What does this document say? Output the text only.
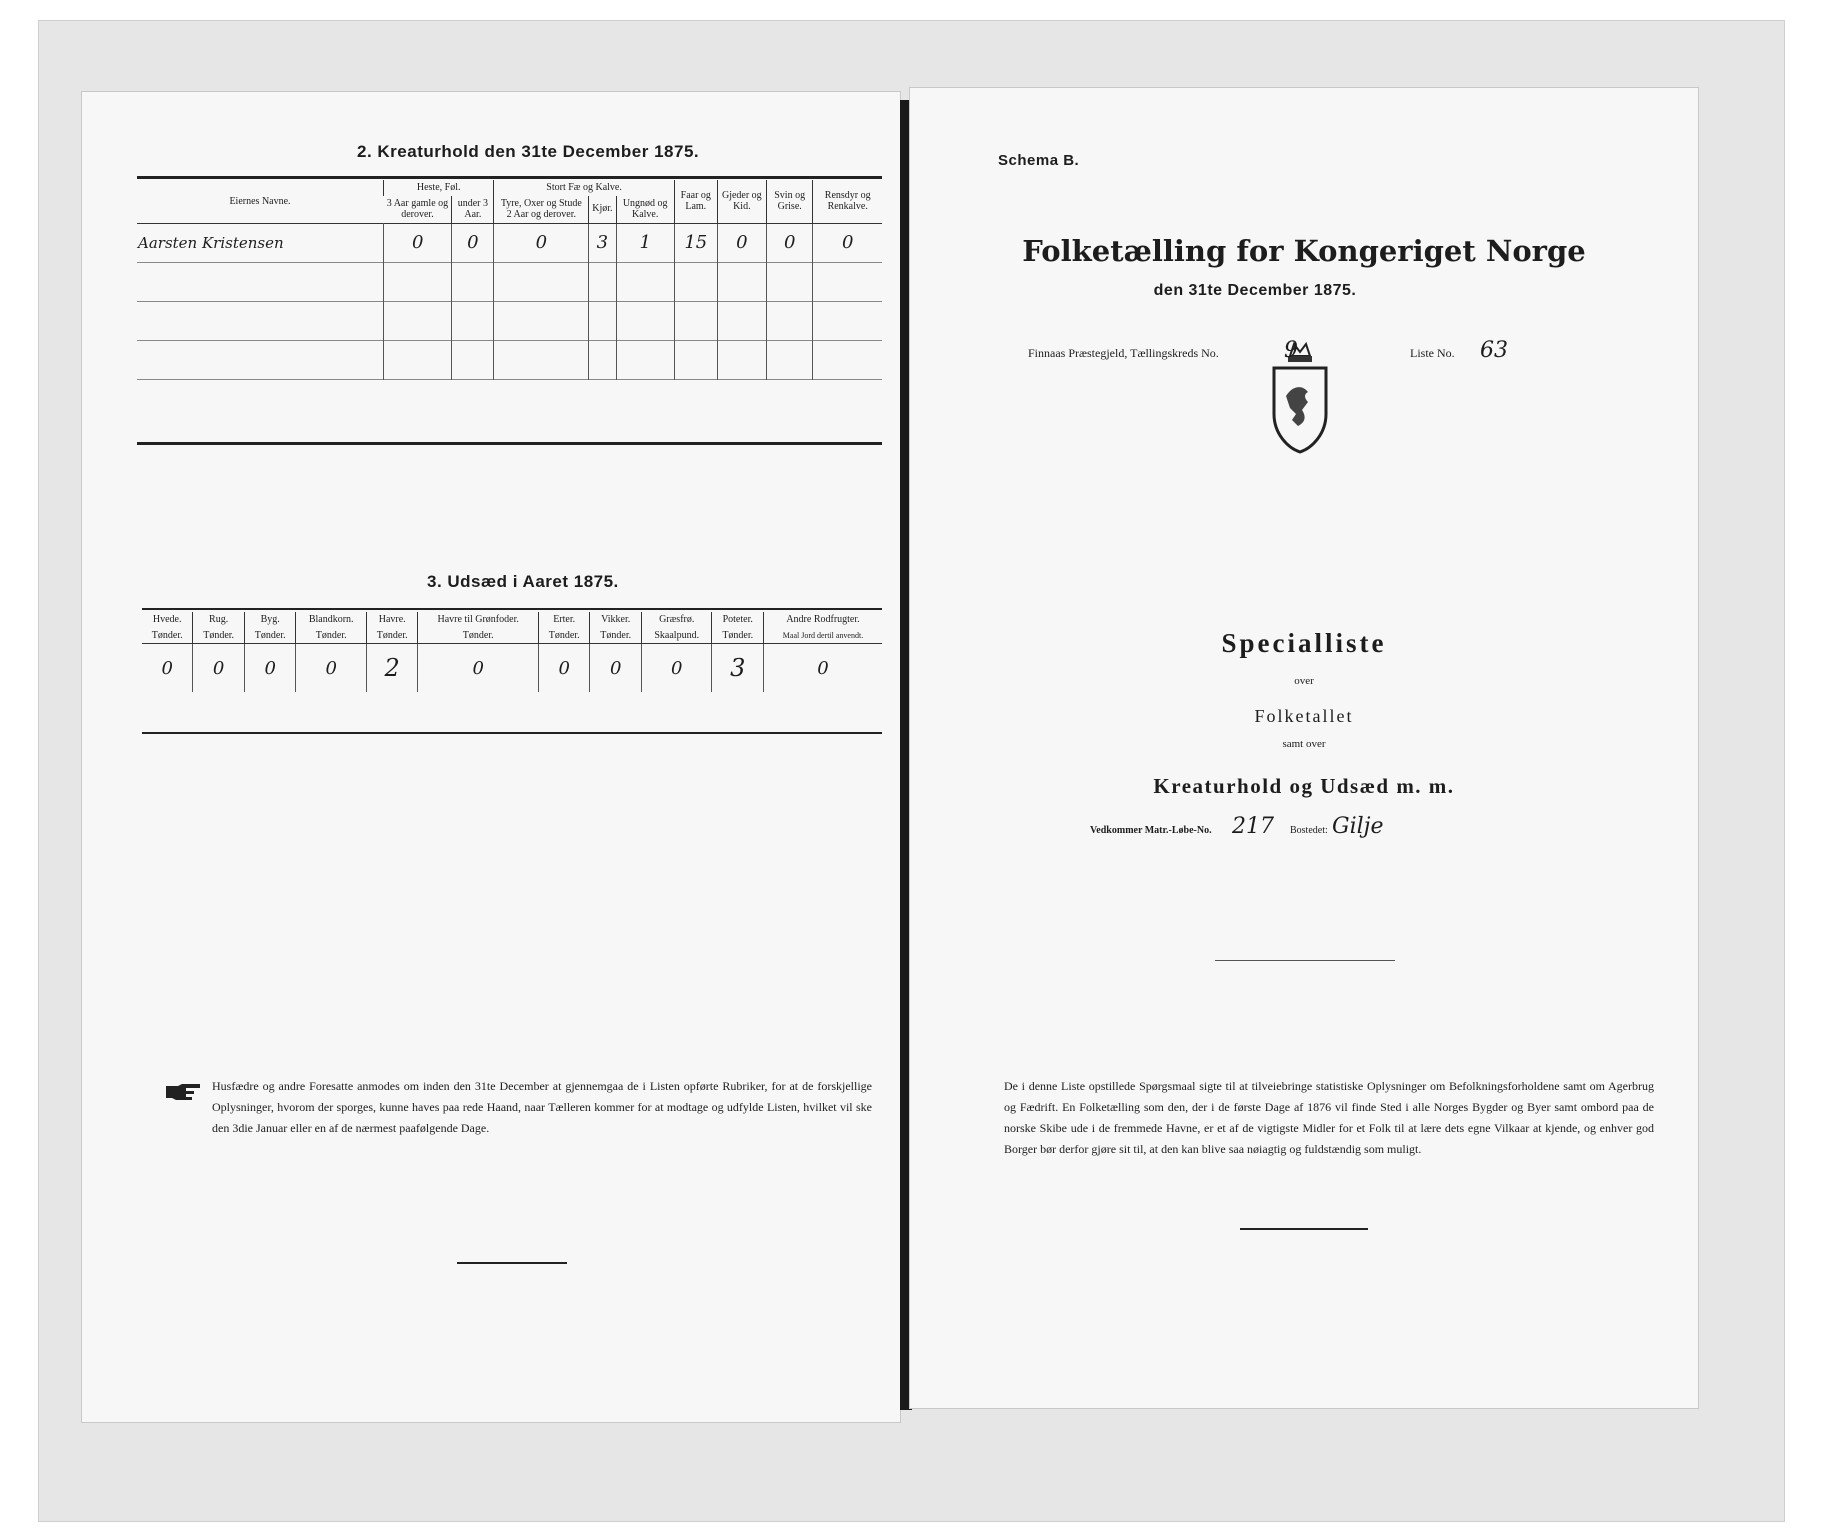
2. Kreaturhold den 31te December 1875.
Eiernes Navne.	Heste, Føl.		Stort Fæ og Kalve.			Faar og Lam.	Gjeder og Kid.	Svin og Grise.	Rensdyr og Renkalve.
	3 Aar gamle og derover.	under 3 Aar.	Tyre, Oxer og Stude 2 Aar og derover.	Kjør.	Ungnød og Kalve.				
Aarsten Kristensen	0	0	0	3	1	15	0	0	0

3. Udsæd i Aaret 1875.
Hvede.	Rug.	Byg.	Blandkorn.	Havre.	Havre til Grønfoder.	Erter.	Vikker.	Græsfrø.	Poteter.	Andre Rodfrugter.
Tønder.	Tønder.	Tønder.	Tønder.	Tønder.	Tønder.	Tønder.	Tønder.	Skaalpund.	Tønder.	Maal Jord dertil anvendt.
0	0	0	0	2	0	0	0	0	3	0
Husfædre og andre Foresatte anmodes om inden den 31te December at gjennemgaa de i Listen opførte Rubriker, for at de forskjellige Oplysninger, hvorom der sporges, kunne haves paa rede Haand, naar Tælleren kommer for at modtage og udfylde Listen, hvilket vil ske den 3die Januar eller en af de nærmest paafølgende Dage.
Schema B.
Folketælling for Kongeriget Norge
den 31te December 1875.
Finnaas Præstegjeld, Tællingskreds No.	9	Liste No. 63
Specialliste
over
Folketallet
samt over
Kreaturhold og Udsæd m. m.
Vedkommer Matr.-Løbe-No. 217 Bostedet: Gilje
De i denne Liste opstillede Spørgsmaal sigte til at tilveiebringe statistiske Oplysninger om Befolkningsforholdene samt om Agerbrug og Fædrift. En Folketælling som den, der i de første Dage af 1876 vil finde Sted i alle Norges Bygder og Byer samt ombord paa de norske Skibe ude i de fremmede Havne, er et af de vigtigste Midler for et Folk til at lære dets egne Vilkaar at kjende, og enhver god Borger bør derfor gjøre sit til, at den kan blive saa nøiagtig og fuldstændig som muligt.
